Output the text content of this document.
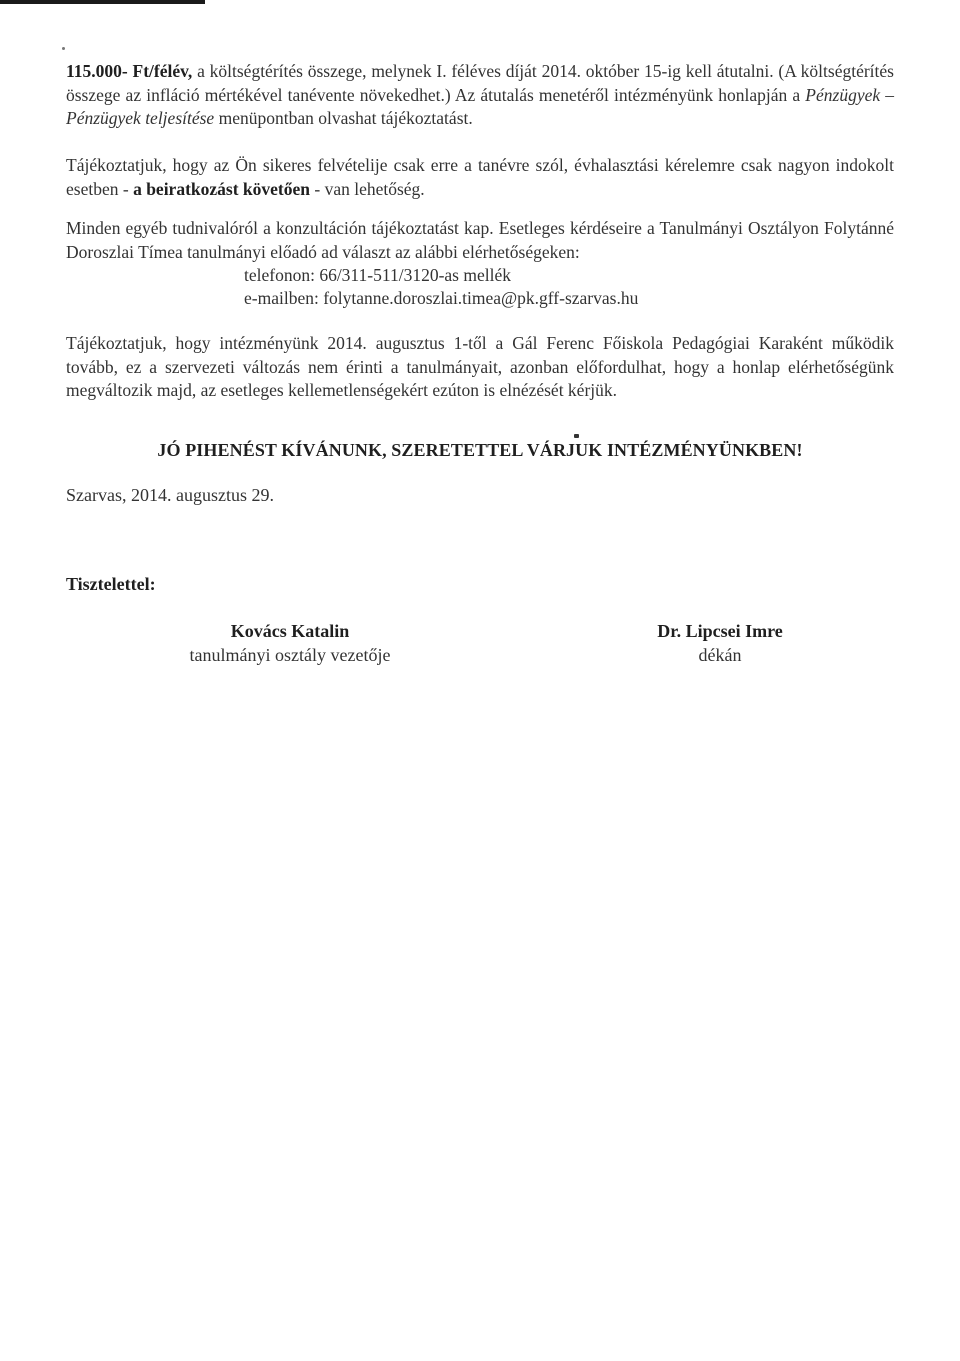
115.000- Ft/félév, a költségtérítés összege, melynek I. féléves díját 2014. október 15-ig kell átutalni. (A költségtérítés összege az infláció mértékével tanévente növekedhet.) Az átutalás menetéről intézményünk honlapján a Pénzügyek – Pénzügyek teljesítése menüpontban olvashat tájékoztatást.

Tájékoztatjuk, hogy az Ön sikeres felvételije csak erre a tanévre szól, évhalasztási kérelemre csak nagyon indokolt esetben - a beiratkozást követően - van lehetőség.

Minden egyéb tudnivalóról a konzultáción tájékoztatást kap. Esetleges kérdéseire a Tanulmányi Osztályon Folytánné Doroszlai Tímea tanulmányi előadó ad választ az alábbi elérhetőségeken:

telefonon: 66/311-511/3120-as mellék
e-mailben: folytanne.doroszlai.timea@pk.gff-szarvas.hu

Tájékoztatjuk, hogy intézményünk 2014. augusztus 1-től a Gál Ferenc Főiskola Pedagógiai Karaként működik tovább, ez a szervezeti változás nem érinti a tanulmányait, azonban előfordulhat, hogy a honlap elérhetőségünk megváltozik majd, az esetleges kellemetlenségekért ezúton is elnézését kérjük.

JÓ PIHENÉST KÍVÁNUNK, SZERETETTEL VÁRJUK INTÉZMÉNYÜNKBEN!
Szarvas, 2014. augusztus 29.
Tisztelettel:
Kovács Katalin
tanulmányi osztály vezetője
Dr. Lipcsei Imre
dékán
